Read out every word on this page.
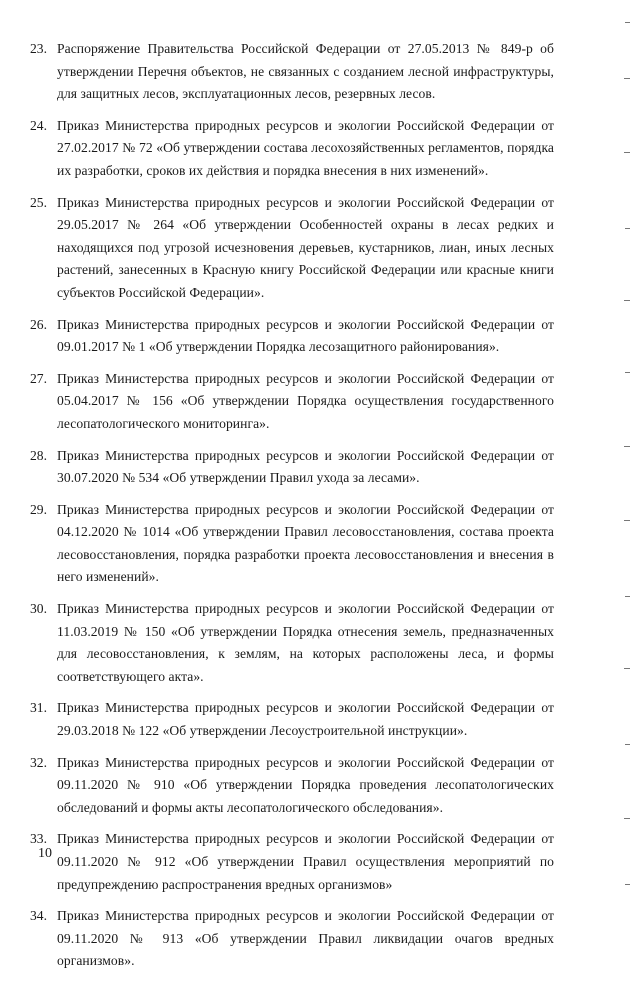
23. Распоряжение Правительства Российской Федерации от 27.05.2013 № 849-р об утверждении Перечня объектов, не связанных с созданием лесной инфраструктуры, для защитных лесов, эксплуатационных лесов, резервных лесов.
24. Приказ Министерства природных ресурсов и экологии Российской Федерации от 27.02.2017 № 72 «Об утверждении состава лесохозяйственных регламентов, порядка их разработки, сроков их действия и порядка внесения в них изменений».
25. Приказ Министерства природных ресурсов и экологии Российской Федерации от 29.05.2017 № 264 «Об утверждении Особенностей охраны в лесах редких и находящихся под угрозой исчезновения деревьев, кустарников, лиан, иных лесных растений, занесенных в Красную книгу Российской Федерации или красные книги субъектов Российской Федерации».
26. Приказ Министерства природных ресурсов и экологии Российской Федерации от 09.01.2017 № 1 «Об утверждении Порядка лесозащитного районирования».
27. Приказ Министерства природных ресурсов и экологии Российской Федерации от 05.04.2017 № 156 «Об утверждении Порядка осуществления государственного лесопатологического мониторинга».
28. Приказ Министерства природных ресурсов и экологии Российской Федерации от 30.07.2020 № 534 «Об утверждении Правил ухода за лесами».
29. Приказ Министерства природных ресурсов и экологии Российской Федерации от 04.12.2020 № 1014 «Об утверждении Правил лесовосстановления, состава проекта лесовосстановления, порядка разработки проекта лесовосстановления и внесения в него изменений».
30. Приказ Министерства природных ресурсов и экологии Российской Федерации от 11.03.2019 № 150 «Об утверждении Порядка отнесения земель, предназначенных для лесовосстановления, к землям, на которых расположены леса, и формы соответствующего акта».
31. Приказ Министерства природных ресурсов и экологии Российской Федерации от 29.03.2018 № 122 «Об утверждении Лесоустроительной инструкции».
32. Приказ Министерства природных ресурсов и экологии Российской Федерации от 09.11.2020 № 910 «Об утверждении Порядка проведения лесопатологических обследований и формы акты лесопатологического обследования».
33. Приказ Министерства природных ресурсов и экологии Российской Федерации от 09.11.2020 № 912 «Об утверждении Правил осуществления мероприятий по предупреждению распространения вредных организмов»
34. Приказ Министерства природных ресурсов и экологии Российской Федерации от 09.11.2020 № 913 «Об утверждении Правил ликвидации очагов вредных организмов».
10
